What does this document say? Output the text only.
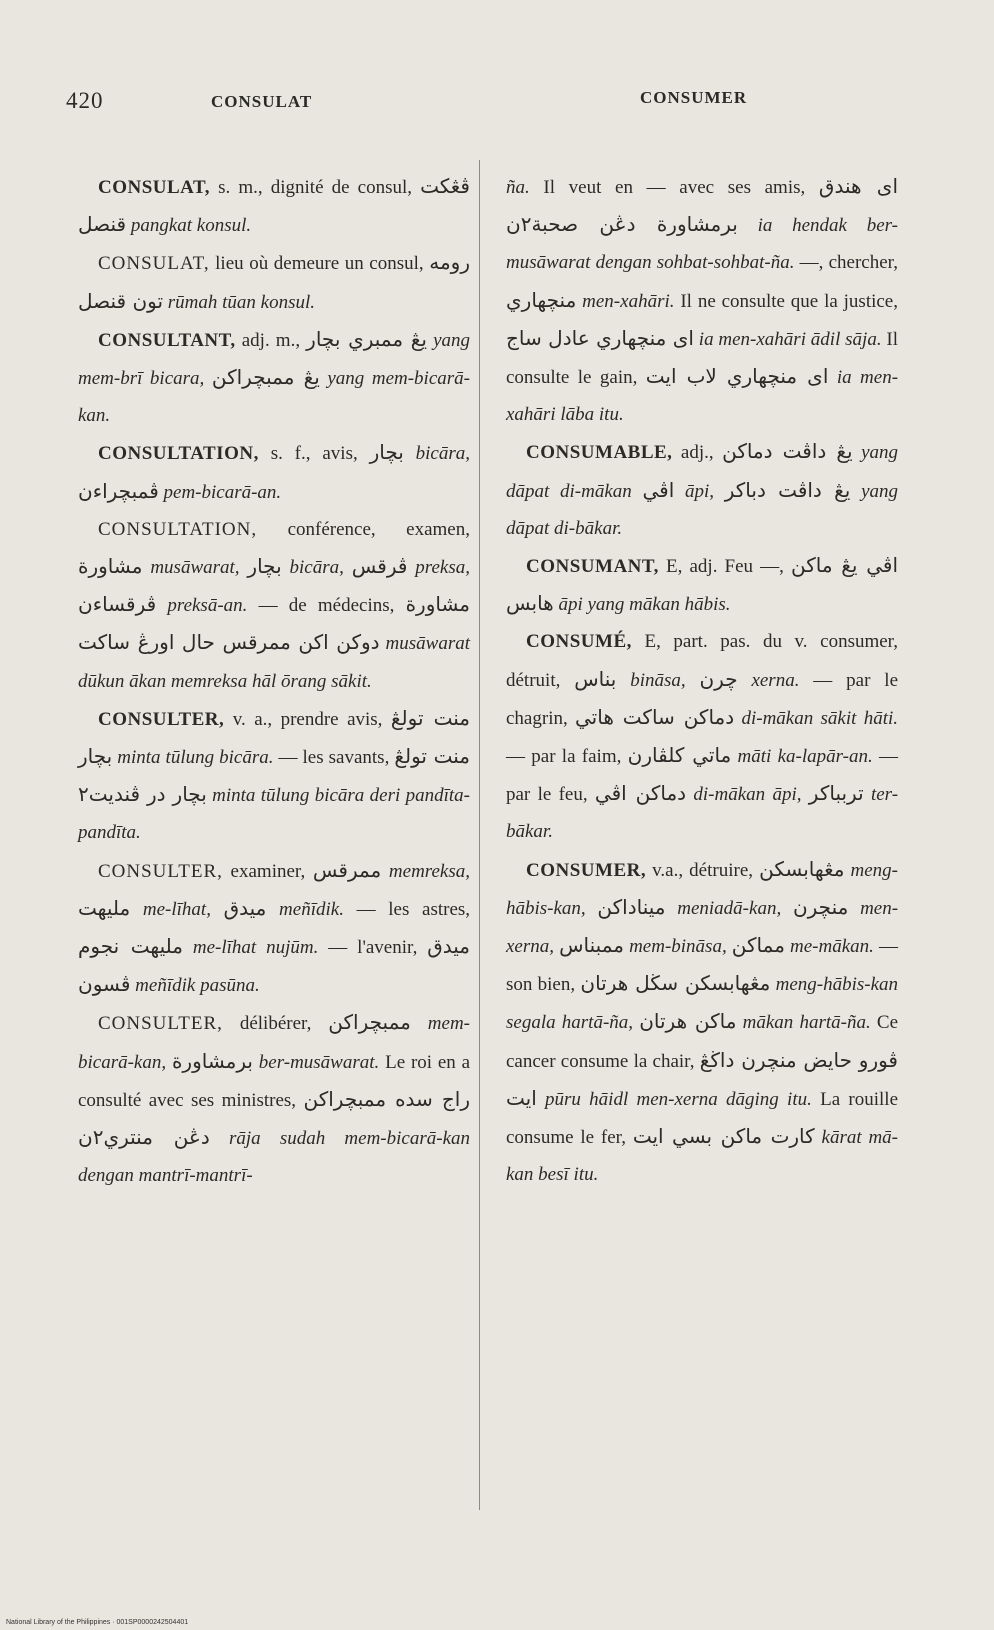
420	CONSULAT	CONSUMER

CONSULAT, s. m., dignité de consul, ڤڠكت قنصل pangkat konsul.

CONSULAT, lieu où demeure un consul, رومه تون قنصل rūmah tūan konsul.

CONSULTANT, adj. m., يڠ ممبري بچار yang mem-brī bicara, يڠ ممبچراكن yang mem-bicarā-kan.

CONSULTATION, s. f., avis, بچار bicāra, ڤمبچراءن pem-bicarā-an.

CONSULTATION, conférence, examen, مشاورة musāwarat, بچار bicāra, ڤرقس preksa, ڤرقساءن preksā-an. — de médecins, مشاورة دوكن اكن ممرقس حال اورڠ ساكت musāwarat dūkun ākan memreksa hāl ōrang sākit.

CONSULTER, v. a., prendre avis, منت تولڠ بچار minta tūlung bicāra. — les savants, منت تولڠ بچار در ڤنديت٢ minta tūlung bicāra deri pandīta-pandīta.

CONSULTER, examiner, ممرقس memreksa, مليهت me-līhat, ميدق meñīdik. — les astres, مليهت نجوم me-līhat nujūm. — l'avenir, ميدق ڤسون meñīdik pasūna.

CONSULTER, délibérer, ممبچراكن mem-bicarā-kan, برمشاورة ber-musāwarat. Le roi en a consulté avec ses ministres, راج سده ممبچراكن دڠن منتري٢ن rāja sudah mem-bicarā-kan dengan mantrī-mantrī-

ña. Il veut en — avec ses amis, اى هندق برمشاورة دڠن صحبة٢ن ia hendak ber-musāwarat dengan sohbat-sohbat-ña. —, chercher, منچهاري men-xahāri. Il ne consulte que la justice, اى منچهاري عادل ساج ia men-xahāri ādil sāja. Il consulte le gain, اى منچهاري لاب ايت ia men-xahāri lāba itu.

CONSUMABLE, adj., يڠ داڤت دماكن yang dāpat di-mākan اڤي āpi, يڠ داڤت دباكر yang dāpat di-bākar.

CONSUMANT, E, adj. Feu —, اڤي يڠ ماكن هابس āpi yang mākan hābis.

CONSUMÉ, E, part. pas. du v. consumer, détruit, بناس bināsa, چرن xerna. — par le chagrin, دماكن ساكت هاتي di-mākan sākit hāti. — par la faim, ماتي كلڤارن māti ka-lapār-an. — par le feu, دماكن اڤي di-mākan āpi, تربباكر ter-bākar.

CONSUMER, v.a., détruire, مڠهابسكن meng-hābis-kan, ميناداكن meniadā-kan, منچرن men-xerna, ممبناس mem-bināsa, مماكن me-mākan. — son bien, مڠهابسكن سڬل هرتان meng-hābis-kan segala hartā-ña, ماكن هرتان mākan hartā-ña. Ce cancer consume la chair, ڤورو حايض منچرن داڬڠ ايت pūru hāidl men-xerna dāging itu. La rouille consume le fer, كارت ماكن بسي ايت kārat mā-kan besī itu.

National Library of the Philippines · 001SP0000242504401
